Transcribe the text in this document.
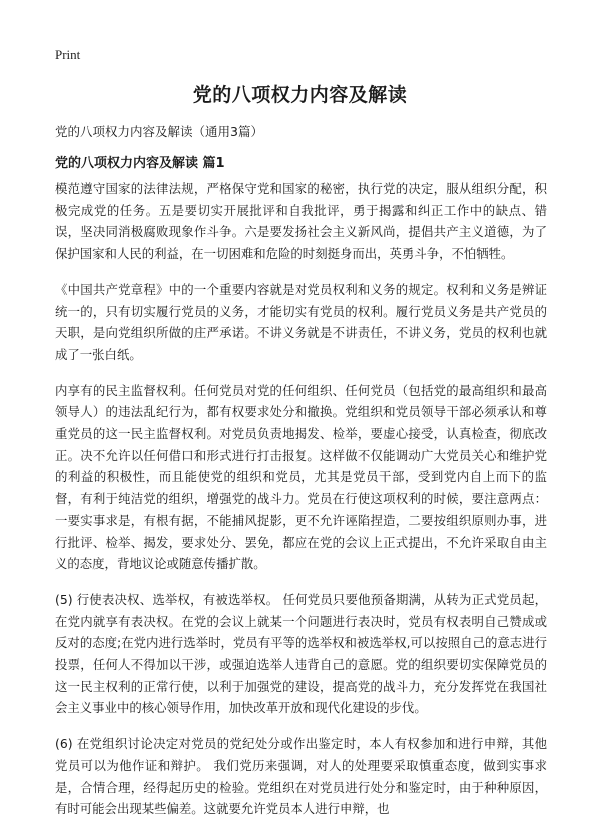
Print
党的八项权力内容及解读

党的八项权力内容及解读（通用3篇）

党的八项权力内容及解读 篇1

模范遵守国家的法律法规，严格保守党和国家的秘密，执行党的决定，服从组织分配，积极完成党的任务。五是要切实开展批评和自我批评，勇于揭露和纠正工作中的缺点、错误，坚决同消极腐败现象作斗争。六是要发扬社会主义新风尚，提倡共产主义道德，为了保护国家和人民的利益，在一切困难和危险的时刻挺身而出，英勇斗争，不怕牺牲。

《中国共产党章程》中的一个重要内容就是对党员权利和义务的规定。权利和义务是辨证统一的，只有切实履行党员的义务，才能切实有党员的权利。履行党员义务是共产党员的天职，是向党组织所做的庄严承诺。不讲义务就是不讲责任，不讲义务，党员的权利也就成了一张白纸。

内享有的民主监督权利。任何党员对党的任何组织、任何党员（包括党的最高组织和最高领导人）的违法乱纪行为，都有权要求处分和撤换。党组织和党员领导干部必须承认和尊重党员的这一民主监督权利。对党员负责地揭发、检举，要虚心接受，认真检查，彻底改正。决不允许以任何借口和形式进行打击报复。这样做不仅能调动广大党员关心和维护党的利益的积极性，而且能使党的组织和党员，尤其是党员干部，受到党内自上而下的监督，有利于纯洁党的组织，增强党的战斗力。党员在行使这项权利的时候，要注意两点：一要实事求是，有根有据，不能捕风捉影，更不允许诬陷捏造，二要按组织原则办事，进行批评、检举、揭发，要求处分、罢免，都应在党的会议上正式提出，不允许采取自由主义的态度，背地议论或随意传播扩散。

(5) 行使表决权、选举权，有被选举权。 任何党员只要他预备期满，从转为正式党员起，在党内就享有表决权。在党的会议上就某一个问题进行表决时，党员有权表明自己赞成或反对的态度;在党内进行选举时，党员有平等的选举权和被选举权,可以按照自己的意志进行投票，任何人不得加以干涉，或强迫选举人违背自己的意愿。党的组织要切实保障党员的这一民主权利的正常行使，以利于加强党的建设，提高党的战斗力，充分发挥党在我国社会主义事业中的核心领导作用，加快改革开放和现代化建设的步伐。

(6) 在党组织讨论决定对党员的党纪处分或作出鉴定时，本人有权参加和进行申辩，其他党员可以为他作证和辩护。 我们党历来强调，对人的处理要采取慎重态度，做到实事求是，合情合理，经得起历史的检验。党组织在对党员进行处分和鉴定时，由于种种原因，有时可能会出现某些偏差。这就要允许党员本人进行申辩，也
